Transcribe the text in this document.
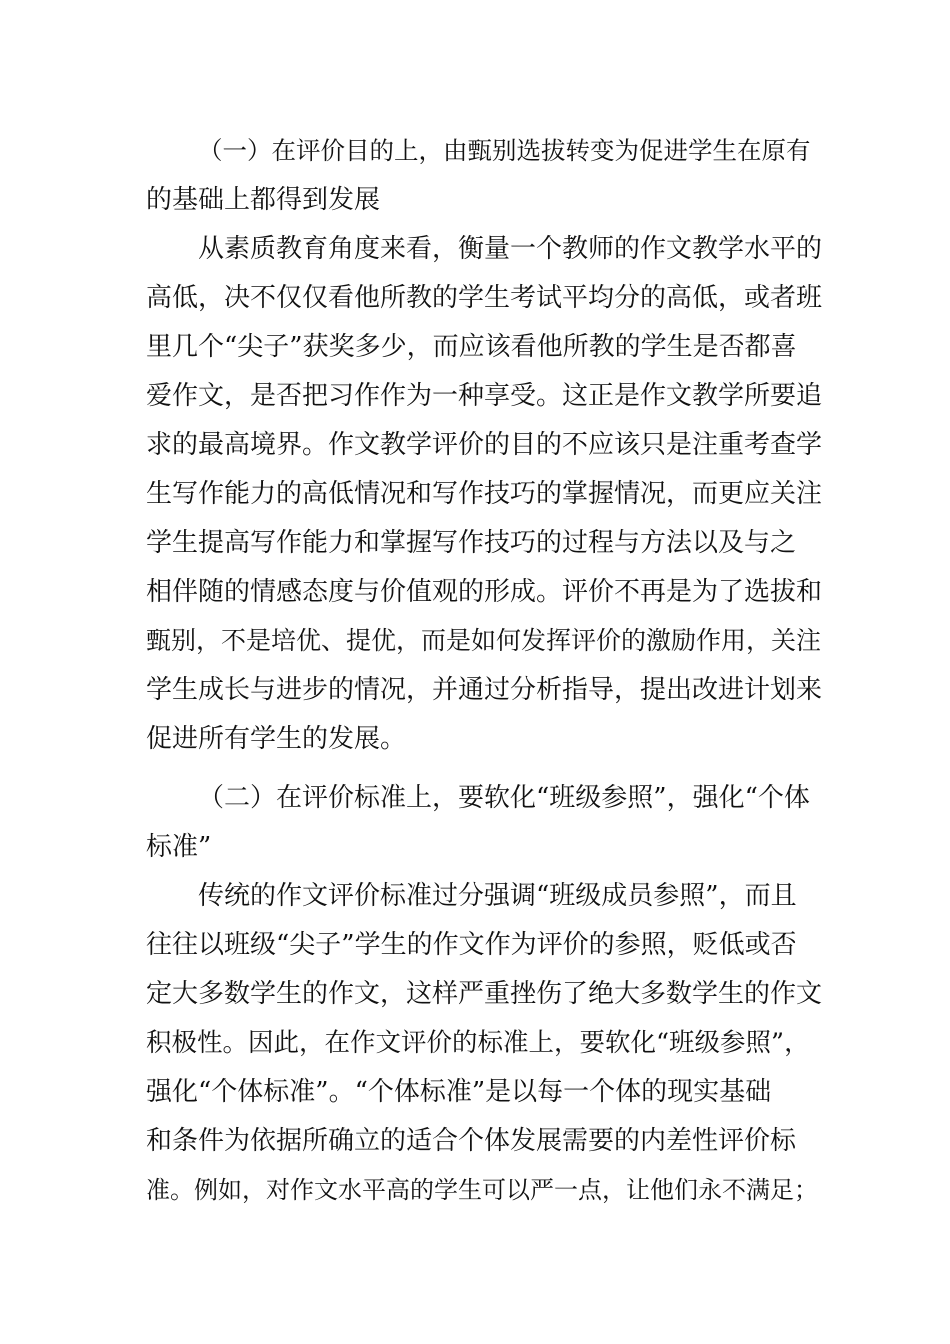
（一）在评价目的上，由甄别选拔转变为促进学生在原有
的基础上都得到发展
从素质教育角度来看，衡量一个教师的作文教学水平的
高低，决不仅仅看他所教的学生考试平均分的高低，或者班
里几个“尖子”获奖多少，而应该看他所教的学生是否都喜
爱作文，是否把习作作为一种享受。这正是作文教学所要追
求的最高境界。作文教学评价的目的不应该只是注重考查学
生写作能力的高低情况和写作技巧的掌握情况，而更应关注
学生提高写作能力和掌握写作技巧的过程与方法以及与之
相伴随的情感态度与价值观的形成。评价不再是为了选拔和
甄别，不是培优、提优，而是如何发挥评价的激励作用，关注
学生成长与进步的情况，并通过分析指导，提出改进计划来
促进所有学生的发展。
（二）在评价标准上，要软化“班级参照”，强化“个体
标准”
传统的作文评价标准过分强调“班级成员参照”，而且
往往以班级“尖子”学生的作文作为评价的参照，贬低或否
定大多数学生的作文，这样严重挫伤了绝大多数学生的作文
积极性。因此，在作文评价的标准上，要软化“班级参照”，
强化“个体标准”。“个体标准”是以每一个体的现实基础
和条件为依据所确立的适合个体发展需要的内差性评价标
准。例如，对作文水平高的学生可以严一点，让他们永不满足；
